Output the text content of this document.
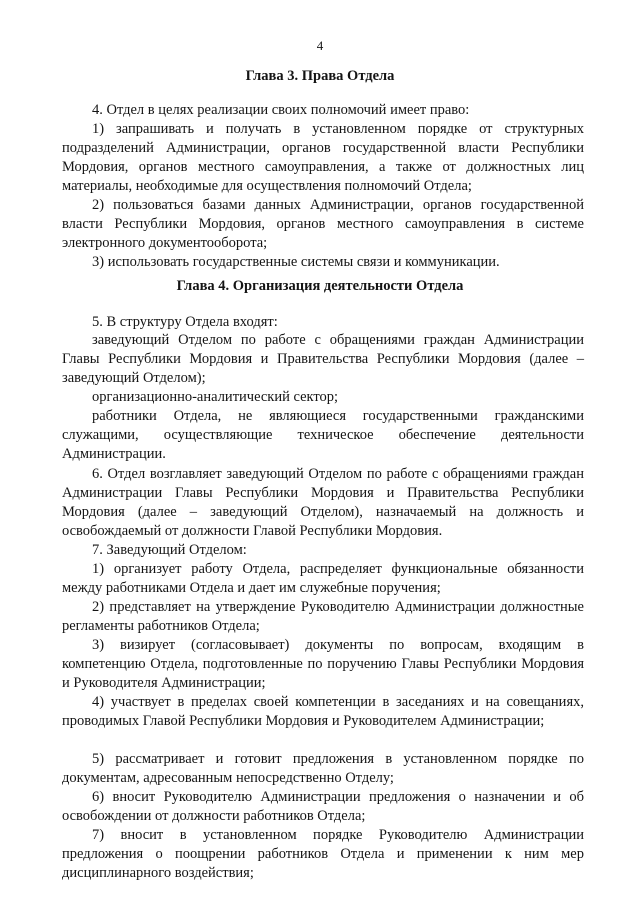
4
Глава 3. Права Отдела

4. Отдел в целях реализации своих полномочий имеет право:

1) запрашивать и получать в установленном порядке от структурных подразделений Администрации, органов государственной власти Республики Мордовия, органов местного самоуправления, а также от должностных лиц материалы, необходимые для осуществления полномочий Отдела;

2) пользоваться базами данных Администрации, органов государственной власти Республики Мордовия, органов местного самоуправления в системе электронного документооборота;

3) использовать государственные системы связи и коммуникации.

Глава 4. Организация деятельности Отдела

5. В структуру Отдела входят:

заведующий Отделом по работе с обращениями граждан Администрации Главы Республики Мордовия и Правительства Республики Мордовия (далее – заведующий Отделом);

организационно-аналитический сектор;

работники Отдела, не являющиеся государственными гражданскими служащими, осуществляющие техническое обеспечение деятельности Администрации.

6. Отдел возглавляет заведующий Отделом по работе с обращениями граждан Администрации Главы Республики Мордовия и Правительства Республики Мордовия (далее – заведующий Отделом), назначаемый на должность и освобождаемый от должности Главой Республики Мордовия.

7. Заведующий Отделом:

1) организует работу Отдела, распределяет функциональные обязанности между работниками Отдела и дает им служебные поручения;

2) представляет на утверждение Руководителю Администрации должностные регламенты работников Отдела;

3) визирует (согласовывает) документы по вопросам, входящим в компетенцию Отдела, подготовленные по поручению Главы Республики Мордовия и Руководителя Администрации;

4) участвует в пределах своей компетенции в заседаниях и на совещаниях, проводимых Главой Республики Мордовия и Руководителем Администрации;

5) рассматривает и готовит предложения в установленном порядке по документам, адресованным непосредственно Отделу;

6) вносит Руководителю Администрации предложения о назначении и об освобождении от должности работников Отдела;

7) вносит в установленном порядке Руководителю Администрации предложения о поощрении работников Отдела и применении к ним мер дисциплинарного воздействия;
